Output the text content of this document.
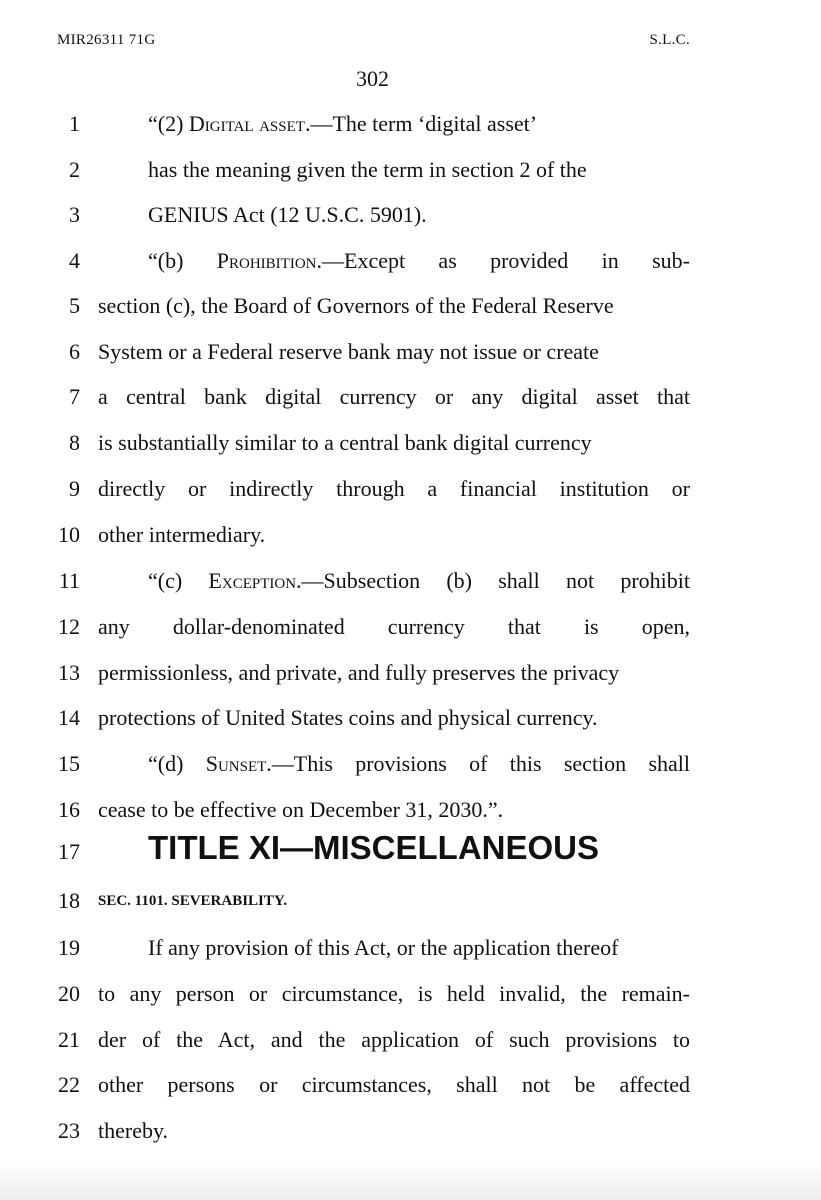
MIR26311 71G	S.L.C.
302
1	“(2) Digital asset.—The term ‘digital asset’
2	has the meaning given the term in section 2 of the
3	GENIUS Act (12 U.S.C. 5901).
4	“(b) Prohibition.—Except as provided in sub-
5 section (c), the Board of Governors of the Federal Reserve
6 System or a Federal reserve bank may not issue or create
7 a central bank digital currency or any digital asset that
8 is substantially similar to a central bank digital currency
9 directly or indirectly through a financial institution or
10 other intermediary.
11	“(c) Exception.—Subsection (b) shall not prohibit
12 any dollar-denominated currency that is open,
13 permissionless, and private, and fully preserves the privacy
14 protections of United States coins and physical currency.
15	“(d) Sunset.—This provisions of this section shall
16 cease to be effective on December 31, 2030.”.
17 TITLE XI—MISCELLANEOUS
18 SEC. 1101. SEVERABILITY.
19	If any provision of this Act, or the application thereof
20 to any person or circumstance, is held invalid, the remain-
21 der of the Act, and the application of such provisions to
22 other persons or circumstances, shall not be affected
23 thereby.
